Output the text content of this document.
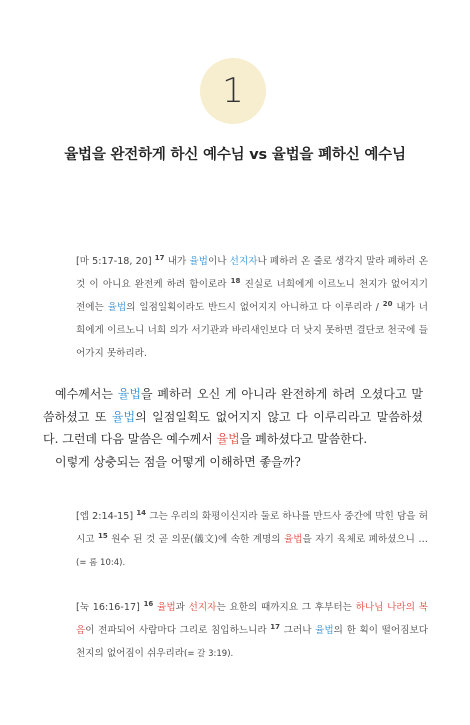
1
율법을 완전하게 하신 예수님 vs 율법을 폐하신 예수님
[마 5:17-18, 20] $^{17}$ 내가 율법이나 선지자나 폐하러 온 줄로 생각지 말라 폐하러 온 것 이 아니요 완전케 하려 함이로라 $^{18}$ 진실로 너희에게 이르노니 천지가 없어지기 전에는 율법의 일점일획이라도 반드시 없어지지 아니하고 다 이루리라 / $^{20}$ 내가 너희에게 이르노니 너희 의가 서기관과 바리새인보다 더 낫지 못하면 결단코 천국에 들어가지 못하리라.

예수께서는 율법을 폐하러 오신 게 아니라 완전하게 하려 오셨다고 말씀하셨고 또 율법의 일점일획도 없어지지 않고 다 이루리라고 말씀하셨다. 그런데 다음 말씀은 예수께서 율법을 폐하셨다고 말씀한다.

이렇게 상충되는 점을 어떻게 이해하면 좋을까?

[엡 2:14-15] $^{14}$ 그는 우리의 화평이신지라 둘로 하나를 만드사 중간에 막힌 담을 허시고 $^{15}$ 원수 된 것 곧 의문(儀文)에 속한 계명의 율법을 자기 육체로 폐하셨으니 … (= 롬 10:4).
[눅 16:16-17] $^{16}$ 율법과 선지자는 요한의 때까지요 그 후부터는 하나님 나라의 복음이 전파되어 사람마다 그리로 침입하느니라 $^{17}$ 그러나 율법의 한 획이 떨어짐보다 천지의 없어짐이 쉬우리라(= 갈 3:19).
